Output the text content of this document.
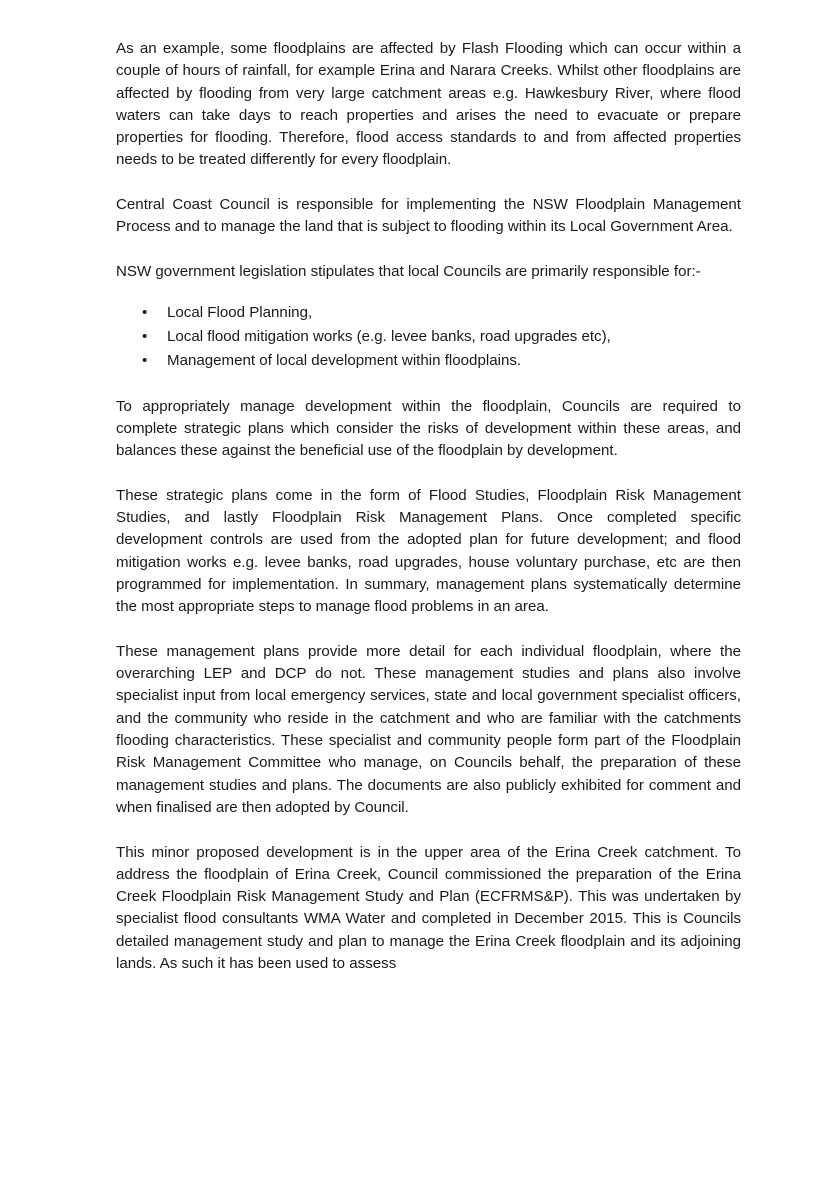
As an example, some floodplains are affected by Flash Flooding which can occur within a couple of hours of rainfall, for example Erina and Narara Creeks. Whilst other floodplains are affected by flooding from very large catchment areas e.g. Hawkesbury River, where flood waters can take days to reach properties and arises the need to evacuate or prepare properties for flooding. Therefore, flood access standards to and from affected properties needs to be treated differently for every floodplain.

Central Coast Council is responsible for implementing the NSW Floodplain Management Process and to manage the land that is subject to flooding within its Local Government Area.

NSW government legislation stipulates that local Councils are primarily responsible for:-

• Local Flood Planning,
• Local flood mitigation works (e.g. levee banks, road upgrades etc),
• Management of local development within floodplains.

To appropriately manage development within the floodplain, Councils are required to complete strategic plans which consider the risks of development within these areas, and balances these against the beneficial use of the floodplain by development.

These strategic plans come in the form of Flood Studies, Floodplain Risk Management Studies, and lastly Floodplain Risk Management Plans. Once completed specific development controls are used from the adopted plan for future development; and flood mitigation works e.g. levee banks, road upgrades, house voluntary purchase, etc are then programmed for implementation. In summary, management plans systematically determine the most appropriate steps to manage flood problems in an area.

These management plans provide more detail for each individual floodplain, where the overarching LEP and DCP do not. These management studies and plans also involve specialist input from local emergency services, state and local government specialist officers, and the community who reside in the catchment and who are familiar with the catchments flooding characteristics. These specialist and community people form part of the Floodplain Risk Management Committee who manage, on Councils behalf, the preparation of these management studies and plans. The documents are also publicly exhibited for comment and when finalised are then adopted by Council.

This minor proposed development is in the upper area of the Erina Creek catchment. To address the floodplain of Erina Creek, Council commissioned the preparation of the Erina Creek Floodplain Risk Management Study and Plan (ECFRMS&P). This was undertaken by specialist flood consultants WMA Water and completed in December 2015. This is Councils detailed management study and plan to manage the Erina Creek floodplain and its adjoining lands. As such it has been used to assess
